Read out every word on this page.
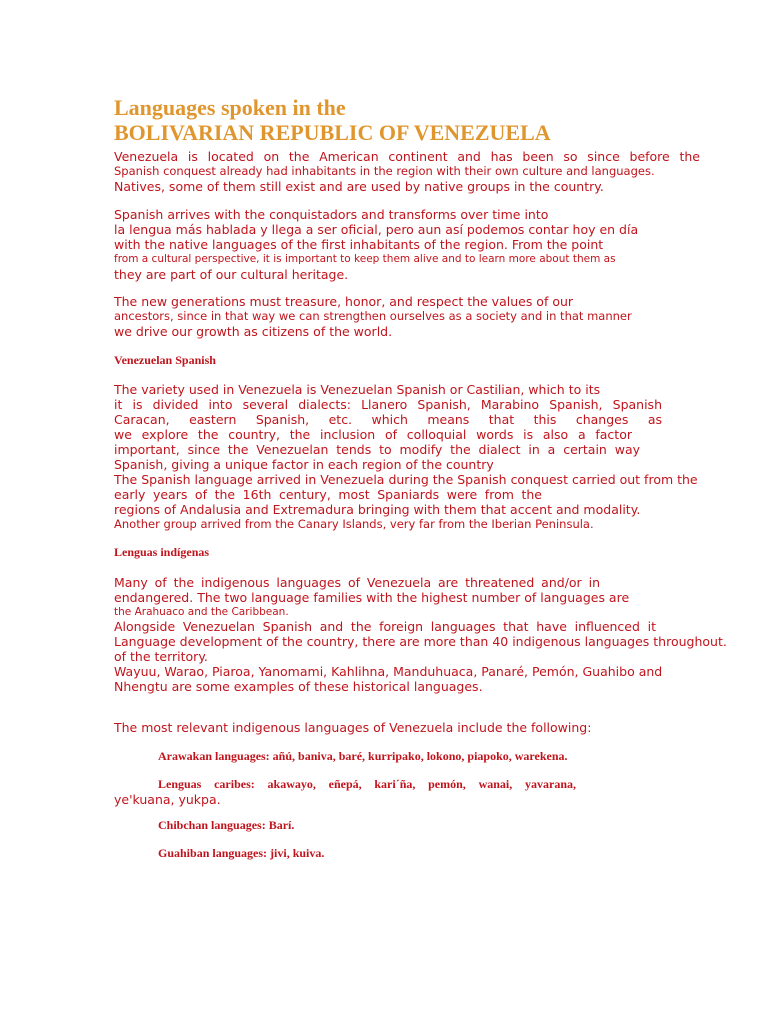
Languages spoken in the
BOLIVARIAN REPUBLIC OF VENEZUELA

Venezuela is located on the American continent and has been so since before the
Spanish conquest already had inhabitants in the region with their own culture and languages.
Natives, some of them still exist and are used by native groups in the country.

Spanish arrives with the conquistadors and transforms over time into
la lengua más hablada y llega a ser oficial, pero aun así podemos contar hoy en día
with the native languages of the first inhabitants of the region. From the point
from a cultural perspective, it is important to keep them alive and to learn more about them as
they are part of our cultural heritage.

The new generations must treasure, honor, and respect the values of our
ancestors, since in that way we can strengthen ourselves as a society and in that manner
we drive our growth as citizens of the world.

Venezuelan Spanish

The variety used in Venezuela is Venezuelan Spanish or Castilian, which to its
it is divided into several dialects: Llanero Spanish, Marabino Spanish, Spanish
Caracan, eastern Spanish, etc. which means that this changes as
we explore the country, the inclusion of colloquial words is also a factor
important, since the Venezuelan tends to modify the dialect in a certain way
Spanish, giving a unique factor in each region of the country
The Spanish language arrived in Venezuela during the Spanish conquest carried out from the
early years of the 16th century, most Spaniards were from the
regions of Andalusia and Extremadura bringing with them that accent and modality.
Another group arrived from the Canary Islands, very far from the Iberian Peninsula.

Lenguas indígenas

Many of the indigenous languages of Venezuela are threatened and/or in
endangered. The two language families with the highest number of languages are
the Arahuaco and the Caribbean.
Alongside Venezuelan Spanish and the foreign languages that have influenced it
Language development of the country, there are more than 40 indigenous languages throughout.
of the territory.
Wayuu, Warao, Piaroa, Yanomami, Kahlihna, Manduhuaca, Panaré, Pemón, Guahibo and
Nhengtu are some examples of these historical languages.

The most relevant indigenous languages of Venezuela include the following:

Arawakan languages: añú, baniva, baré, kurripako, lokono, piapoko, warekena.
Lenguas caribes: akawayo, eñepá, kari´ña, pemón, wanai, yavarana,
ye'kuana, yukpa.
Chibchan languages: Barí.
Guahiban languages: jivi, kuiva.
